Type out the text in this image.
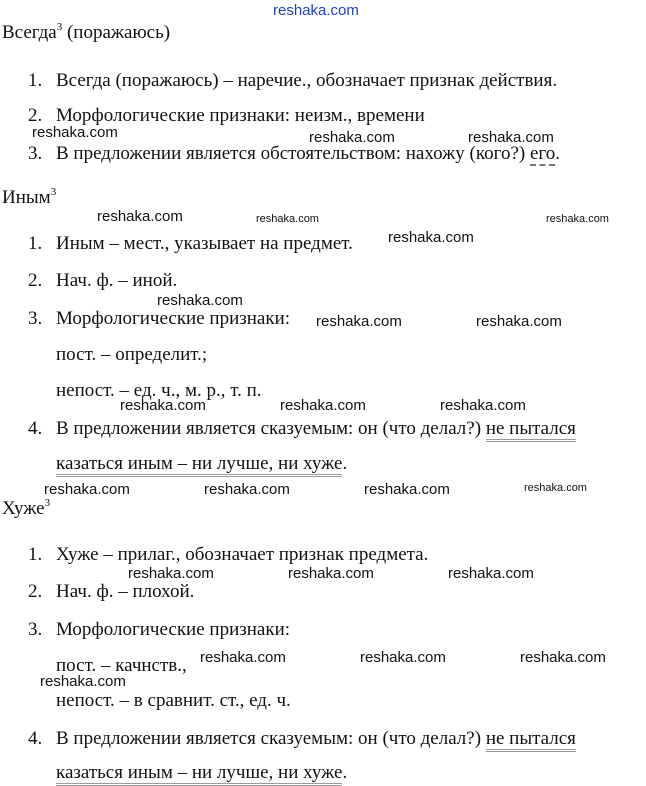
reshaka.com
reshaka.com	reshaka.com	reshaka.com
reshaka.com	reshaka.com	reshaka.com
reshaka.com
reshaka.com
reshaka.com	reshaka.com
reshaka.com	reshaka.com	reshaka.com
reshaka.com	reshaka.com	reshaka.com	reshaka.com
reshaka.com	reshaka.com	reshaka.com
reshaka.com	reshaka.com	reshaka.com
reshaka.com
Всегда$^3$ (поражаюсь)
1. Всегда (поражаюсь) – наречие., обозначает признак действия.
2. Морфологические признаки: неизм., времени
3. В предложении является обстоятельством: нахожу (кого?) его.
Иным$^3$
1. Иным – мест., указывает на предмет.
2. Нач. ф. – иной.
3. Морфологические признаки:
пост. – определит.;
непост. – ед. ч., м. р., т. п.
4. В предложении является сказуемым: он (что делал?) не пытался
казаться иным – ни лучше, ни хуже.
Хуже$^3$
1. Хуже – прилаг., обозначает признак предмета.
2. Нач. ф. – плохой.
3. Морфологические признаки:
пост. – качнств.,
непост. – в сравнит. ст., ед. ч.
4. В предложении является сказуемым: он (что делал?) не пытался
казаться иным – ни лучше, ни хуже.
